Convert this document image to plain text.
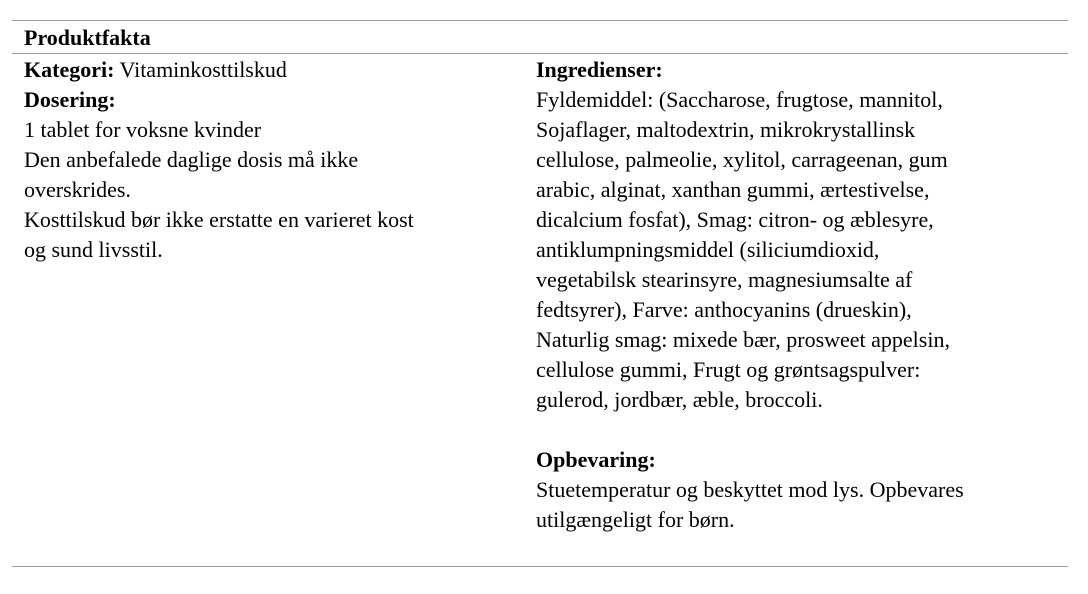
Produktfakta
Kategori: Vitaminkosttilskud
Dosering:
1 tablet for voksne kvinder
Den anbefalede daglige dosis må ikke
overskrides.
Kosttilskud bør ikke erstatte en varieret kost
og sund livsstil.
Ingredienser:
Fyldemiddel: (Saccharose, frugtose, mannitol,
Sojaflager, maltodextrin, mikrokrystallinsk
cellulose, palmeolie, xylitol, carrageenan, gum
arabic, alginat, xanthan gummi, ærtestivelse,
dicalcium fosfat), Smag: citron- og æblesyre,
antiklumpningsmiddel (siliciumdioxid,
vegetabilsk stearinsyre, magnesiumsalte af
fedtsyrer), Farve: anthocyanins (drueskin),
Naturlig smag: mixede bær, prosweet appelsin,
cellulose gummi, Frugt og grøntsagspulver:
gulerod, jordbær, æble, broccoli.
Opbevaring:
Stuetemperatur og beskyttet mod lys. Opbevares
utilgængeligt for børn.
